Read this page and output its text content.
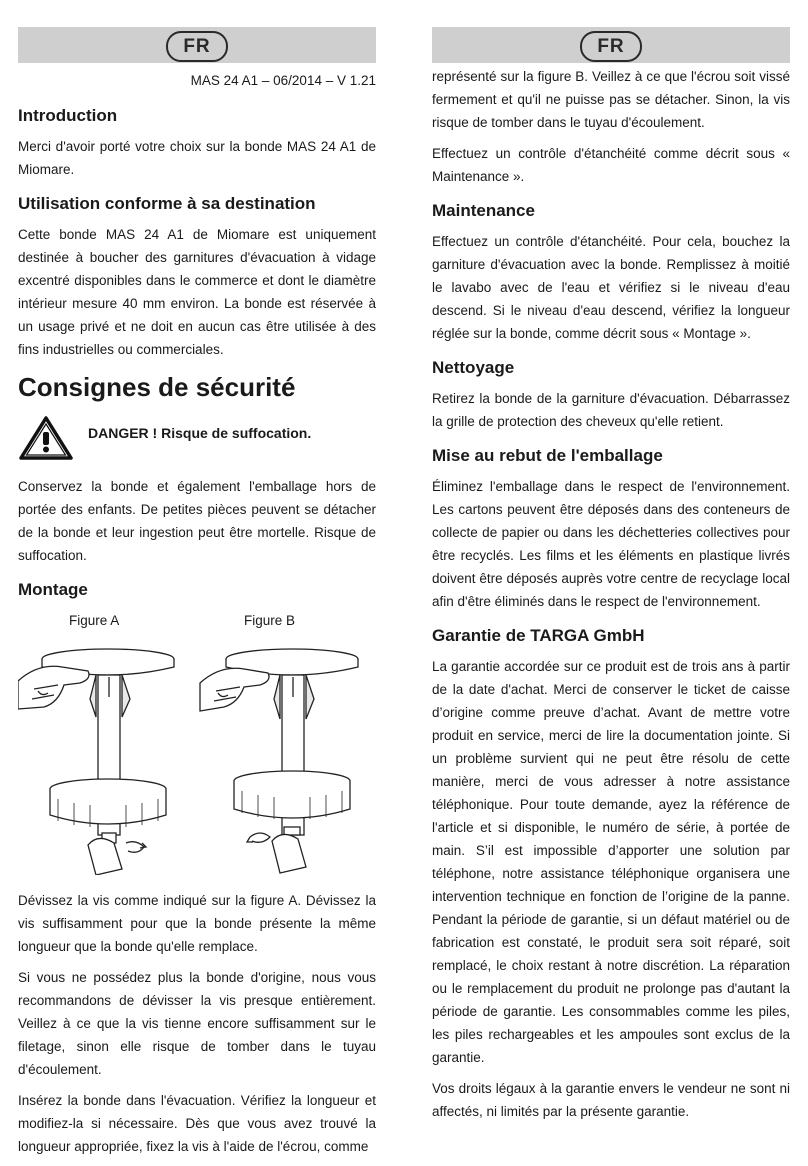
FR
MAS 24 A1 – 06/2014 – V 1.21
Introduction

Merci d'avoir porté votre choix sur la bonde MAS 24 A1 de Miomare.

Utilisation conforme à sa destination

Cette bonde MAS 24 A1 de Miomare est uniquement destinée à boucher des garnitures d'évacuation à vidage excentré disponibles dans le commerce et dont le diamètre intérieur mesure 40 mm environ. La bonde est réservée à un usage privé et ne doit en aucun cas être utilisée à des fins industrielles ou commerciales.

Consignes de sécurité
DANGER ! Risque de suffocation.

Conservez la bonde et également l'emballage hors de portée des enfants. De petites pièces peuvent se détacher de la bonde et leur ingestion peut être mortelle. Risque de suffocation.

Montage
Figure A	Figure B

Dévissez la vis comme indiqué sur la figure A. Dévissez la vis suffisamment pour que la bonde présente la même longueur que la bonde qu'elle remplace.

Si vous ne possédez plus la bonde d'origine, nous vous recommandons de dévisser la vis presque entièrement. Veillez à ce que la vis tienne encore suffisamment sur le filetage, sinon elle risque de tomber dans le tuyau d'écoulement.

Insérez la bonde dans l'évacuation. Vérifiez la longueur et modifiez-la si nécessaire. Dès que vous avez trouvé la longueur appropriée, fixez la vis à l'aide de l'écrou, comme

FR

représenté sur la figure B. Veillez à ce que l'écrou soit vissé fermement et qu'il ne puisse pas se détacher. Sinon, la vis risque de tomber dans le tuyau d'écoulement.

Effectuez un contrôle d'étanchéité comme décrit sous « Maintenance ».

Maintenance

Effectuez un contrôle d'étanchéité. Pour cela, bouchez la garniture d'évacuation avec la bonde. Remplissez à moitié le lavabo avec de l'eau et vérifiez si le niveau d'eau descend. Si le niveau d'eau descend, vérifiez la longueur réglée sur la bonde, comme décrit sous « Montage ».

Nettoyage

Retirez la bonde de la garniture d'évacuation. Débarrassez la grille de protection des cheveux qu'elle retient.

Mise au rebut de l'emballage

Éliminez l'emballage dans le respect de l'environnement. Les cartons peuvent être déposés dans des conteneurs de collecte de papier ou dans les déchetteries collectives pour être recyclés. Les films et les éléments en plastique livrés doivent être déposés auprès votre centre de recyclage local afin d'être éliminés dans le respect de l'environnement.

Garantie de TARGA GmbH

La garantie accordée sur ce produit est de trois ans à partir de la date d'achat. Merci de conserver le ticket de caisse d’origine comme preuve d’achat. Avant de mettre votre produit en service, merci de lire la documentation jointe. Si un problème survient qui ne peut être résolu de cette manière, merci de vous adresser à notre assistance téléphonique. Pour toute demande, ayez la référence de l'article et si disponible, le numéro de série, à portée de main. S’il est impossible d’apporter une solution par téléphone, notre assistance téléphonique organisera une intervention technique en fonction de l’origine de la panne. Pendant la période de garantie, si un défaut matériel ou de fabrication est constaté, le produit sera soit réparé, soit remplacé, le choix restant à notre discrétion. La réparation ou le remplacement du produit ne prolonge pas d'autant la période de garantie. Les consommables comme les piles, les piles rechargeables et les ampoules sont exclus de la garantie.

Vos droits légaux à la garantie envers le vendeur ne sont ni affectés, ni limités par la présente garantie.
